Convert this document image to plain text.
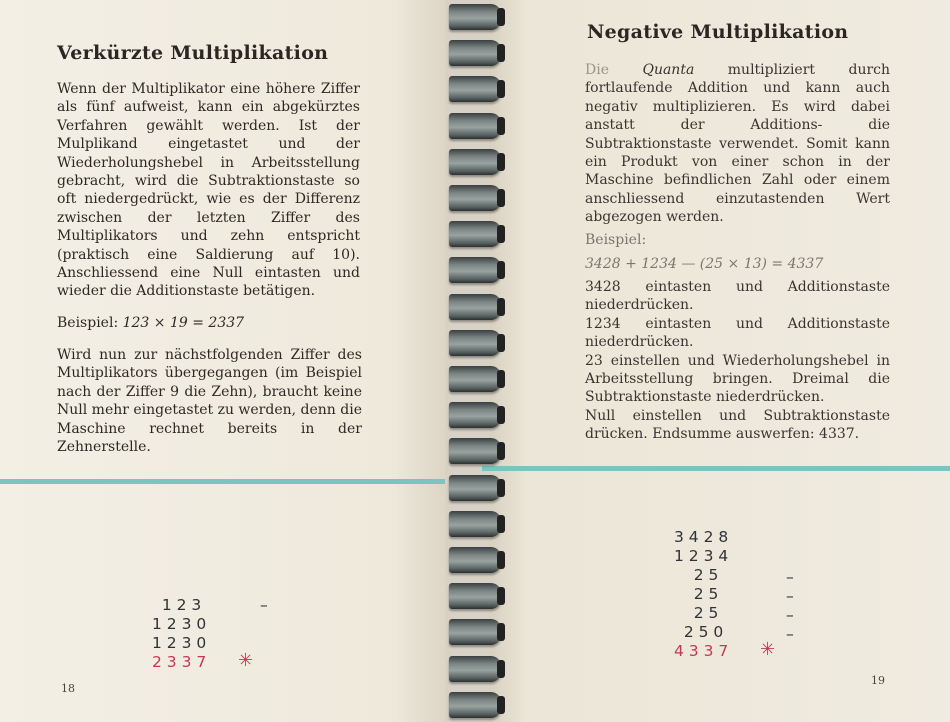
Verkürzte Multiplikation

Wenn der Multiplikator eine höhere Ziffer als fünf aufweist, kann ein abgekürztes Verfahren gewählt werden. Ist der Mulplikand eingetastet und der Wiederholungshebel in Arbeitsstellung gebracht, wird die Subtraktionstaste so oft niedergedrückt, wie es der Differenz zwischen der letzten Ziffer des Multiplikators und zehn entspricht (praktisch eine Saldierung auf 10). Anschliessend eine Null eintasten und wieder die Additionstaste betätigen.

Beispiel: 123 × 19 = 2337

Wird nun zur nächstfolgenden Ziffer des Multiplikators übergegangen (im Beispiel nach der Ziffer 9 die Zehn), braucht keine Null mehr eingetastet zu werden, denn die Maschine rechnet bereits in der Zehnerstelle.

1 2 3	–
1 2 3 0
1 2 3 0
2 3 3 7 ✳
18
Negative Multiplikation
Die Quanta multipliziert durch fortlaufende Addition und kann auch negativ multiplizieren. Es wird dabei anstatt der Additions- die Subtraktionstaste verwendet. Somit kann ein Produkt von einer schon in der Maschine befindlichen Zahl oder einem anschliessend einzutastenden Wert abgezogen werden.
Beispiel:
3428 + 1234 — (25 × 13) = 4337

3428 eintasten und Additionstaste niederdrücken.

1234 eintasten und Additionstaste niederdrücken.

23 einstellen und Wiederholungshebel in Arbeitsstellung bringen. Dreimal die Subtraktionstaste niederdrücken.

Null einstellen und Subtraktionstaste drücken. Endsumme auswerfen: 4337.

3 4 2 8
1 2 3 4
2 5	–
2 5	–
2 5	–
2 5 0	–
4 3 3 7 ✳
19
